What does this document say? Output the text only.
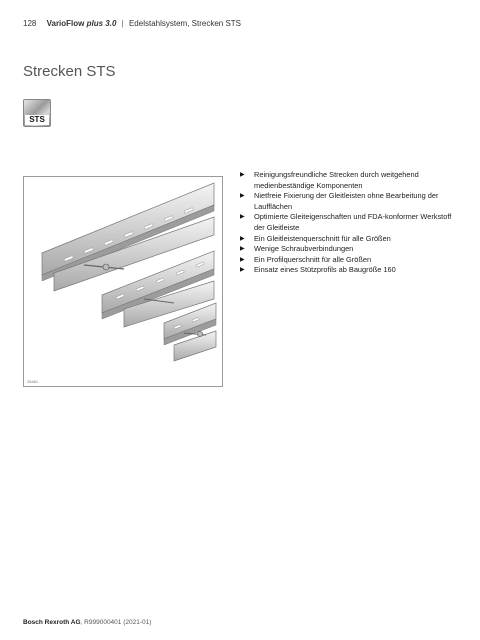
128 VarioFlow plus 3.0 | Edelstahlsystem, Strecken STS
Strecken STS
STS
28461
▶ Reinigungsfreundliche Strecken durch weitgehend medienbeständige Komponenten
▶ Nietfreie Fixierung der Gleitleisten ohne Bearbeitung der Laufflächen
▶ Optimierte Gleiteigenschaften und FDA-konformer Werkstoff der Gleitleiste
▶ Ein Gleitleistenquerschnitt für alle Größen
▶ Wenige Schraubverbindungen
▶ Ein Profilquerschnitt für alle Größen
▶ Einsatz eines Stützprofils ab Baugröße 160
Bosch Rexroth AG, R999000401 (2021-01)
